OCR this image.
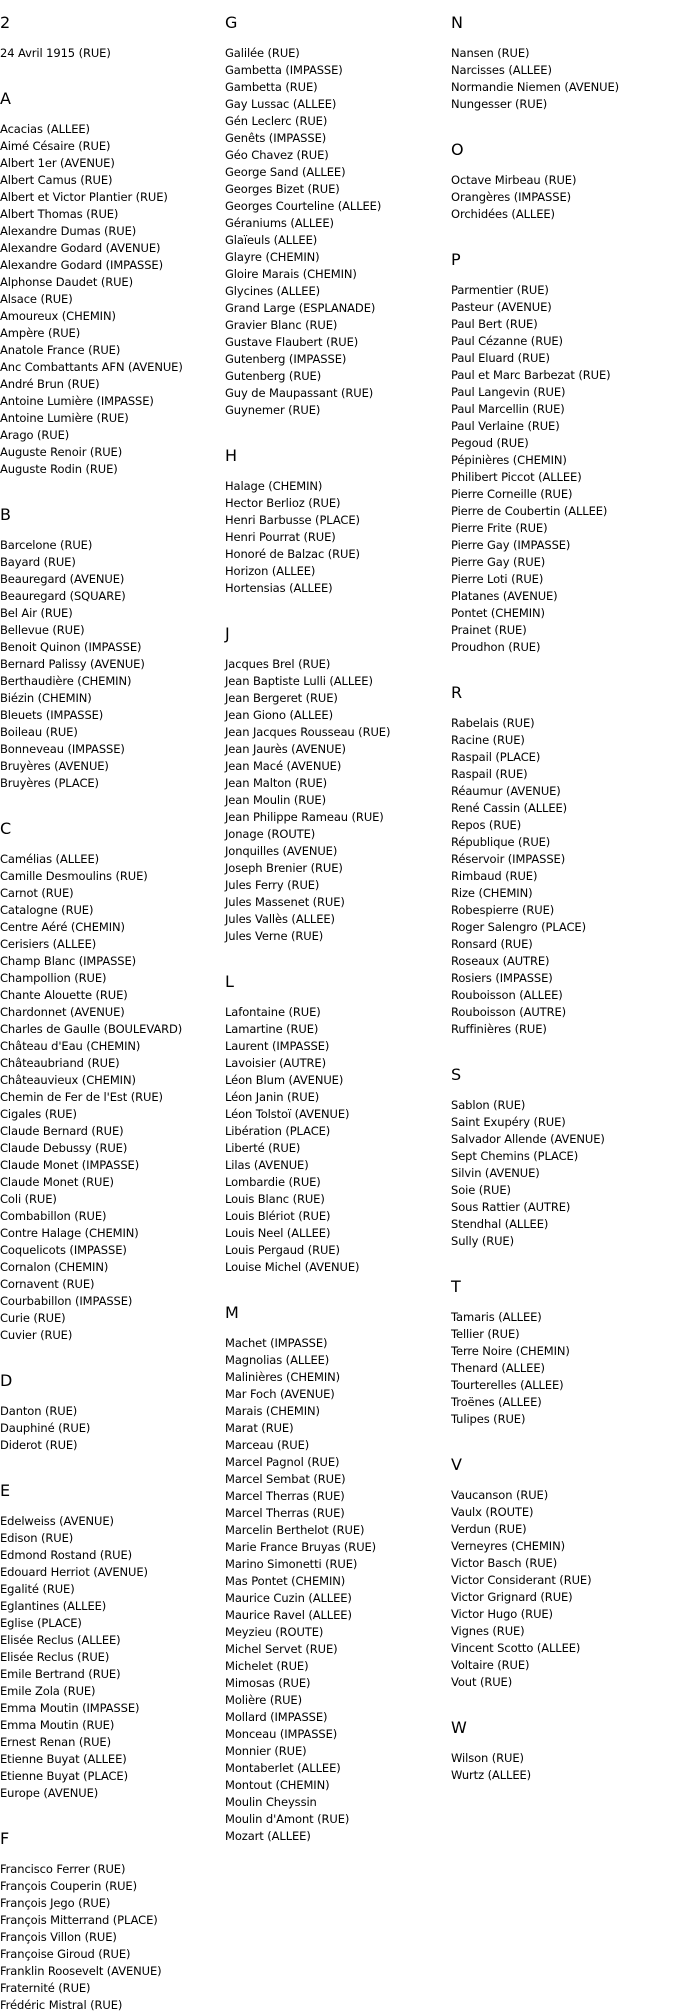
2
24 Avril 1915 (RUE)
A
Acacias (ALLEE)
Aimé Césaire (RUE)
Albert 1er (AVENUE)
Albert Camus (RUE)
Albert et Victor Plantier (RUE)
Albert Thomas (RUE)
Alexandre Dumas (RUE)
Alexandre Godard (AVENUE)
Alexandre Godard (IMPASSE)
Alphonse Daudet (RUE)
Alsace (RUE)
Amoureux (CHEMIN)
Ampère (RUE)
Anatole France (RUE)
Anc Combattants AFN (AVENUE)
André Brun (RUE)
Antoine Lumière (IMPASSE)
Antoine Lumière (RUE)
Arago (RUE)
Auguste Renoir (RUE)
Auguste Rodin (RUE)
B
Barcelone (RUE)
Bayard (RUE)
Beauregard (AVENUE)
Beauregard (SQUARE)
Bel Air (RUE)
Bellevue (RUE)
Benoit Quinon (IMPASSE)
Bernard Palissy (AVENUE)
Berthaudière (CHEMIN)
Biézin (CHEMIN)
Bleuets (IMPASSE)
Boileau (RUE)
Bonneveau (IMPASSE)
Bruyères (AVENUE)
Bruyères (PLACE)
C
Camélias (ALLEE)
Camille Desmoulins (RUE)
Carnot (RUE)
Catalogne (RUE)
Centre Aéré (CHEMIN)
Cerisiers (ALLEE)
Champ Blanc (IMPASSE)
Champollion (RUE)
Chante Alouette (RUE)
Chardonnet (AVENUE)
Charles de Gaulle (BOULEVARD)
Château d'Eau (CHEMIN)
Châteaubriand (RUE)
Châteauvieux (CHEMIN)
Chemin de Fer de l'Est (RUE)
Cigales (RUE)
Claude Bernard (RUE)
Claude Debussy (RUE)
Claude Monet (IMPASSE)
Claude Monet (RUE)
Coli (RUE)
Combabillon (RUE)
Contre Halage (CHEMIN)
Coquelicots (IMPASSE)
Cornalon (CHEMIN)
Cornavent (RUE)
Courbabillon (IMPASSE)
Curie (RUE)
Cuvier (RUE)
D
Danton (RUE)
Dauphiné (RUE)
Diderot (RUE)
E
Edelweiss (AVENUE)
Edison (RUE)
Edmond Rostand (RUE)
Edouard Herriot (AVENUE)
Egalité (RUE)
Eglantines (ALLEE)
Eglise (PLACE)
Elisée Reclus (ALLEE)
Elisée Reclus (RUE)
Emile Bertrand (RUE)
Emile Zola (RUE)
Emma Moutin (IMPASSE)
Emma Moutin (RUE)
Ernest Renan (RUE)
Etienne Buyat (ALLEE)
Etienne Buyat (PLACE)
Europe (AVENUE)
F
Francisco Ferrer (RUE)
François Couperin (RUE)
François Jego (RUE)
François Mitterrand (PLACE)
François Villon (RUE)
Françoise Giroud (RUE)
Franklin Roosevelt (AVENUE)
Fraternité (RUE)
Frédéric Mistral (RUE)
G
Galilée (RUE)
Gambetta (IMPASSE)
Gambetta (RUE)
Gay Lussac (ALLEE)
Gén Leclerc (RUE)
Genêts (IMPASSE)
Géo Chavez (RUE)
George Sand (ALLEE)
Georges Bizet (RUE)
Georges Courteline (ALLEE)
Géraniums (ALLEE)
Glaïeuls (ALLEE)
Glayre (CHEMIN)
Gloire Marais (CHEMIN)
Glycines (ALLEE)
Grand Large (ESPLANADE)
Gravier Blanc (RUE)
Gustave Flaubert (RUE)
Gutenberg (IMPASSE)
Gutenberg (RUE)
Guy de Maupassant (RUE)
Guynemer (RUE)
H
Halage (CHEMIN)
Hector Berlioz (RUE)
Henri Barbusse (PLACE)
Henri Pourrat (RUE)
Honoré de Balzac (RUE)
Horizon (ALLEE)
Hortensias (ALLEE)
J
Jacques Brel (RUE)
Jean Baptiste Lulli (ALLEE)
Jean Bergeret (RUE)
Jean Giono (ALLEE)
Jean Jacques Rousseau (RUE)
Jean Jaurès (AVENUE)
Jean Macé (AVENUE)
Jean Malton (RUE)
Jean Moulin (RUE)
Jean Philippe Rameau (RUE)
Jonage (ROUTE)
Jonquilles (AVENUE)
Joseph Brenier (RUE)
Jules Ferry (RUE)
Jules Massenet (RUE)
Jules Vallès (ALLEE)
Jules Verne (RUE)
L
Lafontaine (RUE)
Lamartine (RUE)
Laurent (IMPASSE)
Lavoisier (AUTRE)
Léon Blum (AVENUE)
Léon Janin (RUE)
Léon Tolstoï (AVENUE)
Libération (PLACE)
Liberté (RUE)
Lilas (AVENUE)
Lombardie (RUE)
Louis Blanc (RUE)
Louis Blériot (RUE)
Louis Neel (ALLEE)
Louis Pergaud (RUE)
Louise Michel (AVENUE)
M
Machet (IMPASSE)
Magnolias (ALLEE)
Malinières (CHEMIN)
Mar Foch (AVENUE)
Marais (CHEMIN)
Marat (RUE)
Marceau (RUE)
Marcel Pagnol (RUE)
Marcel Sembat (RUE)
Marcel Therras (RUE)
Marcel Therras (RUE)
Marcelin Berthelot (RUE)
Marie France Bruyas (RUE)
Marino Simonetti (RUE)
Mas Pontet (CHEMIN)
Maurice Cuzin (ALLEE)
Maurice Ravel (ALLEE)
Meyzieu (ROUTE)
Michel Servet (RUE)
Michelet (RUE)
Mimosas (RUE)
Molière (RUE)
Mollard (IMPASSE)
Monceau (IMPASSE)
Monnier (RUE)
Montaberlet (ALLEE)
Montout (CHEMIN)
Moulin Cheyssin
Moulin d'Amont (RUE)
Mozart (ALLEE)
N
Nansen (RUE)
Narcisses (ALLEE)
Normandie Niemen (AVENUE)
Nungesser (RUE)
O
Octave Mirbeau (RUE)
Orangères (IMPASSE)
Orchidées (ALLEE)
P
Parmentier (RUE)
Pasteur (AVENUE)
Paul Bert (RUE)
Paul Cézanne (RUE)
Paul Eluard (RUE)
Paul et Marc Barbezat (RUE)
Paul Langevin (RUE)
Paul Marcellin (RUE)
Paul Verlaine (RUE)
Pegoud (RUE)
Pépinières (CHEMIN)
Philibert Piccot (ALLEE)
Pierre Corneille (RUE)
Pierre de Coubertin (ALLEE)
Pierre Frite (RUE)
Pierre Gay (IMPASSE)
Pierre Gay (RUE)
Pierre Loti (RUE)
Platanes (AVENUE)
Pontet (CHEMIN)
Prainet (RUE)
Proudhon (RUE)
R
Rabelais (RUE)
Racine (RUE)
Raspail (PLACE)
Raspail (RUE)
Réaumur (AVENUE)
René Cassin (ALLEE)
Repos (RUE)
République (RUE)
Réservoir (IMPASSE)
Rimbaud (RUE)
Rize (CHEMIN)
Robespierre (RUE)
Roger Salengro (PLACE)
Ronsard (RUE)
Roseaux (AUTRE)
Rosiers (IMPASSE)
Rouboisson (ALLEE)
Rouboisson (AUTRE)
Ruffinières (RUE)
S
Sablon (RUE)
Saint Exupéry (RUE)
Salvador Allende (AVENUE)
Sept Chemins (PLACE)
Silvin (AVENUE)
Soie (RUE)
Sous Rattier (AUTRE)
Stendhal (ALLEE)
Sully (RUE)
T
Tamaris (ALLEE)
Tellier (RUE)
Terre Noire (CHEMIN)
Thenard (ALLEE)
Tourterelles (ALLEE)
Troënes (ALLEE)
Tulipes (RUE)
V
Vaucanson (RUE)
Vaulx (ROUTE)
Verdun (RUE)
Verneyres (CHEMIN)
Victor Basch (RUE)
Victor Considerant (RUE)
Victor Grignard (RUE)
Victor Hugo (RUE)
Vignes (RUE)
Vincent Scotto (ALLEE)
Voltaire (RUE)
Vout (RUE)
W
Wilson (RUE)
Wurtz (ALLEE)
